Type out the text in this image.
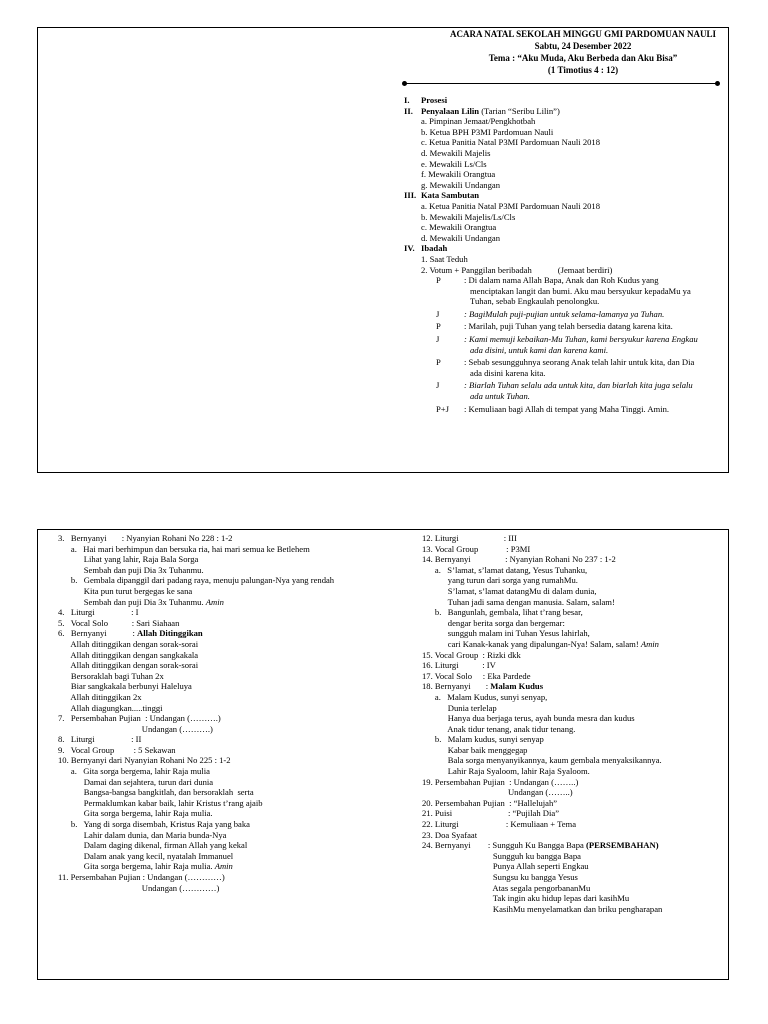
ACARA NATAL SEKOLAH MINGGU GMI PARDOMUAN NAULI
Sabtu, 24 Desember 2022
Tema : “Aku Muda, Aku Berbeda dan Aku Bisa”
(1 Timotius 4 : 12)
I. Prosesi
II. Penyalaan Lilin (Tarian “Seribu Lilin”)
a. Pimpinan Jemaat/Pengkhotbah
b. Ketua BPH P3MI Pardomuan Nauli
c. Ketua Panitia Natal P3MI Pardomuan Nauli 2018
d. Mewakili Majelis
e. Mewakili Ls/Cls
f. Mewakili Orangtua
g. Mewakili Undangan
III. Kata Sambutan
a. Ketua Panitia Natal P3MI Pardomuan Nauli 2018
b. Mewakili Majelis/Ls/Cls
c. Mewakili Orangtua
d. Mewakili Undangan
IV. Ibadah
1. Saat Teduh
2. Votum + Panggilan beribadah	(Jemaat berdiri)
P	: Di dalam nama Allah Bapa, Anak dan Roh Kudus yang
menciptakan langit dan bumi. Aku mau bersyukur kepadaMu ya
Tuhan, sebab Engkaulah penolongku.
J	: BagiMulah puji-pujian untuk selama-lamanya ya Tuhan.
P	: Marilah, puji Tuhan yang telah bersedia datang karena kita.
J	: Kami memuji kebaikan-Mu Tuhan, kami bersyukur karena Engkau
ada disini, untuk kami dan karena kami.
P	: Sebab sesungguhnya seorang Anak telah lahir untuk kita, dan Dia
ada disini karena kita.
J	: Biarlah Tuhan selalu ada untuk kita, dan biarlah kita juga selalu
ada untuk Tuhan.
P+J : Kemuliaan bagi Allah di tempat yang Maha Tinggi. Amin.
3.   Bernyanyi       : Nyanyian Rohani No 228 : 1-2
a.   Hai mari berhimpun dan bersuka ria, hai mari semua ke Betlehem
Lihat yang lahir, Raja Bala Sorga
Sembah dan puji Dia 3x Tuhanmu.
b.   Gembala dipanggil dari padang raya, menuju palungan-Nya yang rendah
Kita pun turut bergegas ke sana
Sembah dan puji Dia 3x Tuhanmu. Amin
4.   Liturgi                 : I
5.   Vocal Solo           : Sari Siahaan
6.   Bernyanyi            : Allah Ditinggikan
Allah ditinggikan dengan sorak-sorai
Allah ditinggikan dengan sangkakala
Allah ditinggikan dengan sorak-sorai
Bersoraklah bagi Tuhan 2x
Biar sangkakala berbunyi Haleluya
Allah ditinggikan 2x
Allah diagungkan.....tinggi
7.   Persembahan Pujian  : Undangan (……….)
Undangan (……….)
8.   Liturgi                 : II
9.   Vocal Group         : 5 Sekawan
10. Bernyanyi dari Nyanyian Rohani No 225 : 1-2
a.   Gita sorga bergema, lahir Raja mulia
Damai dan sejahtera, turun dari dunia
Bangsa-bangsa bangkitlah, dan bersoraklah  serta
Permaklumkan kabar baik, lahir Kristus t’rang ajaib
Gita sorga bergema, lahir Raja mulia.
b.   Yang di sorga disembah, Kristus Raja yang baka
Lahir dalam dunia, dan Maria bunda-Nya
Dalam daging dikenal, firman Allah yang kekal
Dalam anak yang kecil, nyatalah Immanuel
Gita sorga bergema, lahir Raja mulia. Amin
11. Persembahan Pujian : Undangan (…………)
Undangan (…………)
12. Liturgi                     : III
13. Vocal Group             : P3MI
14. Bernyanyi                : Nyanyian Rohani No 237 : 1-2
a.   S’lamat, s’lamat datang, Yesus Tuhanku,
yang turun dari sorga yang rumahMu.
S’lamat, s’lamat datangMu di dalam dunia,
Tuhan jadi sama dengan manusia. Salam, salam!
b.   Bangunlah, gembala, lihat t’rang besar,
dengar berita sorga dan bergemar:
sungguh malam ini Tuhan Yesus lahirlah,
cari Kanak-kanak yang dipalungan-Nya! Salam, salam! Amin
15. Vocal Group  : Rizki dkk
16. Liturgi           : IV
17. Vocal Solo     : Eka Pardede
18. Bernyanyi       : Malam Kudus
a.   Malam Kudus, sunyi senyap,
Dunia terlelap
Hanya dua berjaga terus, ayah bunda mesra dan kudus
Anak tidur tenang, anak tidur tenang.
b.   Malam kudus, sunyi senyap
Kabar baik menggegap
Bala sorga menyanyikannya, kaum gembala menyaksikannya.
Lahir Raja Syaloom, lahir Raja Syaloom.
19. Persembahan Pujian  : Undangan (……..)
Undangan (……..)
20. Persembahan Pujian  : “Hallelujah”
21. Puisi                          : “Pujilah Dia”
22. Liturgi                      : Kemuliaan + Tema
23. Doa Syafaat
24. Bernyanyi        : Sungguh Ku Bangga Bapa (PERSEMBAHAN)
Sungguh ku bangga Bapa
Punya Allah seperti Engkau
Sungsu ku bangga Yesus
Atas segala pengorbananMu
Tak ingin aku hidup lepas dari kasihMu
KasihMu menyelamatkan dan briku pengharapan
